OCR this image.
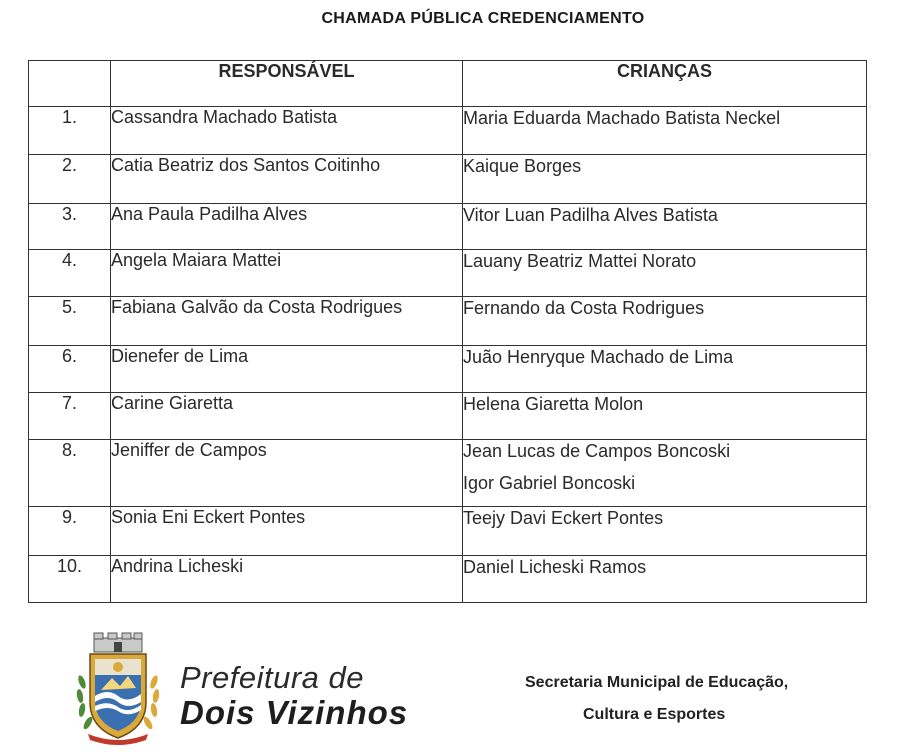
CHAMADA PÚBLICA CREDENCIAMENTO
	RESPONSÁVEL	CRIANÇAS
1.	Cassandra Machado Batista	Maria Eduarda Machado Batista Neckel

2.	Catia Beatriz dos Santos Coitinho	Kaique Borges

3.	Ana Paula Padilha Alves	Vitor Luan Padilha Alves Batista

4.	Angela Maiara Mattei	Lauany Beatriz Mattei Norato

5.	Fabiana Galvão da Costa Rodrigues	Fernando da Costa Rodrigues

6.	Dienefer de Lima	Juão Henryque Machado de Lima

7.	Carine Giaretta	Helena Giaretta Molon

8.	Jeniffer de Campos	Jean Lucas de Campos Boncoski
Igor Gabriel Boncoski

9.	Sonia Eni Eckert Pontes	Teejy Davi Eckert Pontes

10.	Andrina Licheski	Daniel Licheski Ramos
Prefeitura de
Dois Vizinhos
Secretaria Municipal de Educação,
Cultura e Esportes
